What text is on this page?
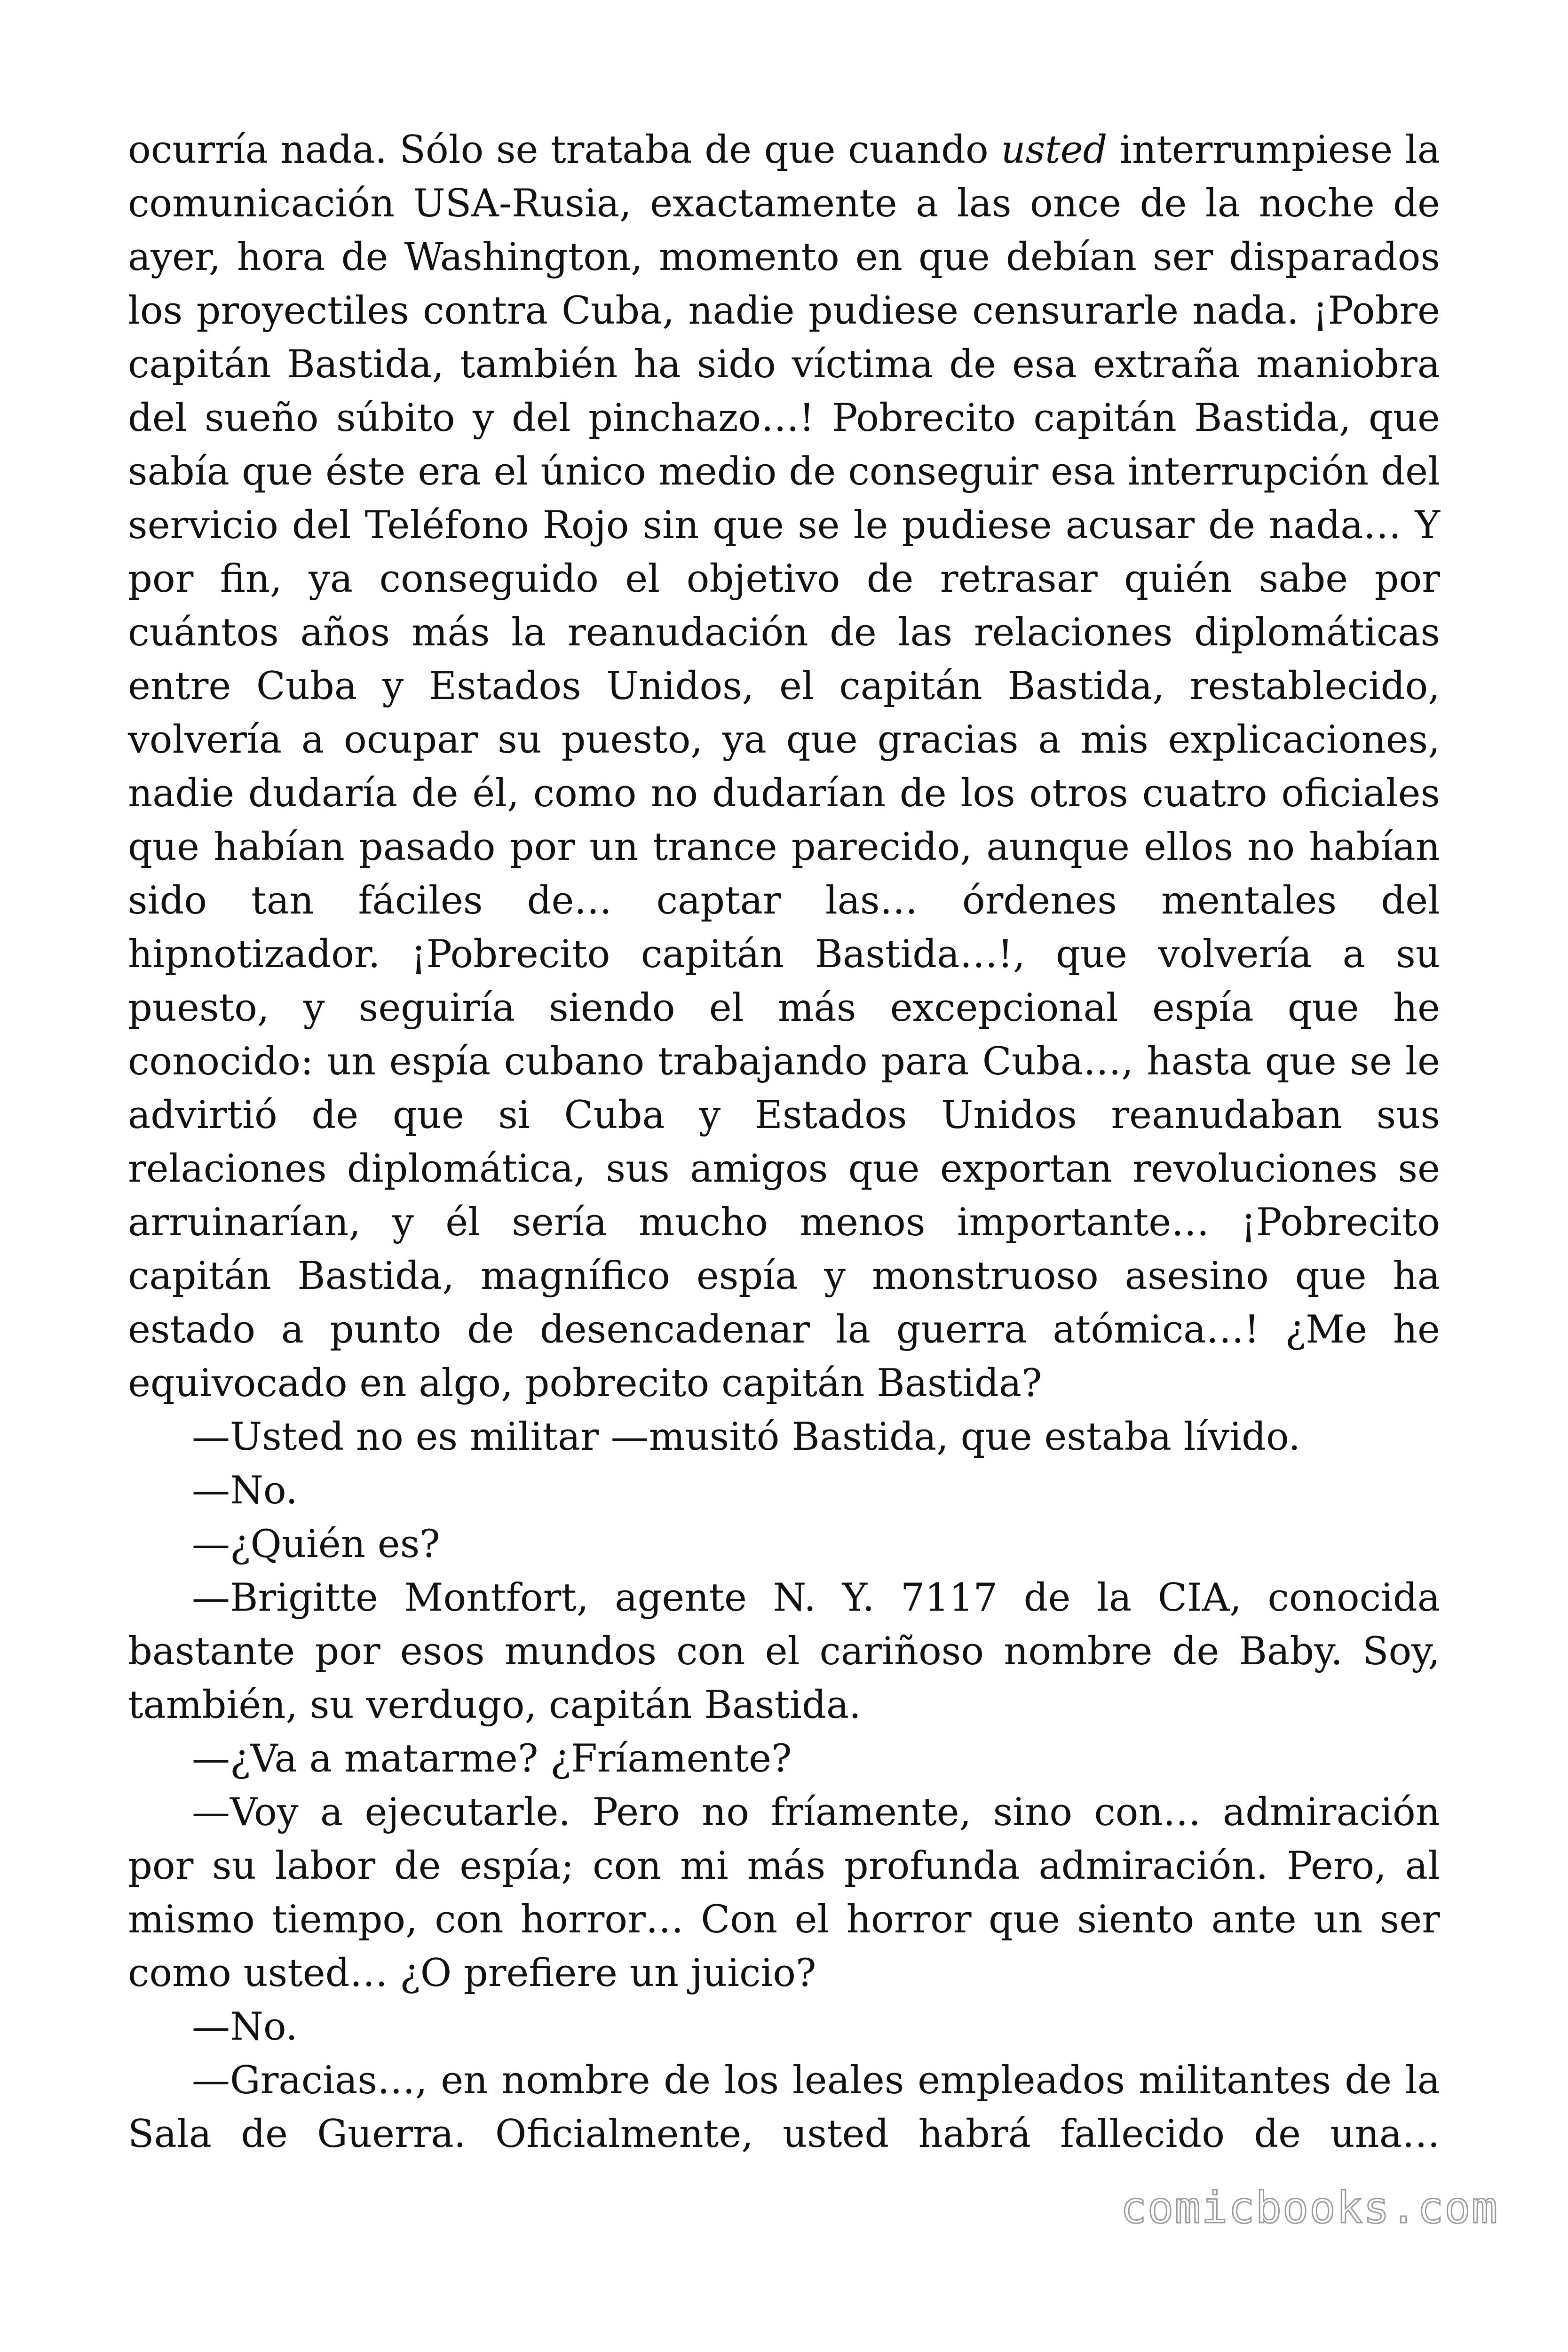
ocurría nada. Sólo se trataba de que cuando usted interrumpiese la comunicación USA-Rusia, exactamente a las once de la noche de ayer, hora de Washington, momento en que debían ser disparados los proyectiles contra Cuba, nadie pudiese censurarle nada. ¡Pobre capitán Bastida, también ha sido víctima de esa extraña maniobra del sueño súbito y del pinchazo…! Pobrecito capitán Bastida, que sabía que éste era el único medio de conseguir esa interrupción del servicio del Teléfono Rojo sin que se le pudiese acusar de nada… Y por fin, ya conseguido el objetivo de retrasar quién sabe por cuántos años más la reanudación de las relaciones diplomáticas entre Cuba y Estados Unidos, el capitán Bastida, restablecido, volvería a ocupar su puesto, ya que gracias a mis explicaciones, nadie dudaría de él, como no dudarían de los otros cuatro oficiales que habían pasado por un trance parecido, aunque ellos no habían sido tan fáciles de… captar las… órdenes mentales del hipnotizador. ¡Pobrecito capitán Bastida…!, que volvería a su puesto, y seguiría siendo el más excepcional espía que he conocido: un espía cubano trabajando para Cuba…, hasta que se le advirtió de que si Cuba y Estados Unidos reanudaban sus relaciones diplomática, sus amigos que exportan revoluciones se arruinarían, y él sería mucho menos importante… ¡Pobrecito capitán Bastida, magnífico espía y monstruoso asesino que ha estado a punto de desencadenar la guerra atómica…! ¿Me he equivocado en algo, pobrecito capitán Bastida?

—Usted no es militar —musitó Bastida, que estaba lívido.

—No.

—¿Quién es?

—Brigitte Montfort, agente N. Y. 7117 de la CIA, conocida bastante por esos mundos con el cariñoso nombre de Baby. Soy, también, su verdugo, capitán Bastida.

—¿Va a matarme? ¿Fríamente?

—Voy a ejecutarle. Pero no fríamente, sino con… admiración por su labor de espía; con mi más profunda admiración. Pero, al mismo tiempo, con horror… Con el horror que siento ante un ser como usted… ¿O prefiere un juicio?

—No.

—Gracias…, en nombre de los leales empleados militantes de la Sala de Guerra. Oficialmente, usted habrá fallecido de una…

comicbooks.com
